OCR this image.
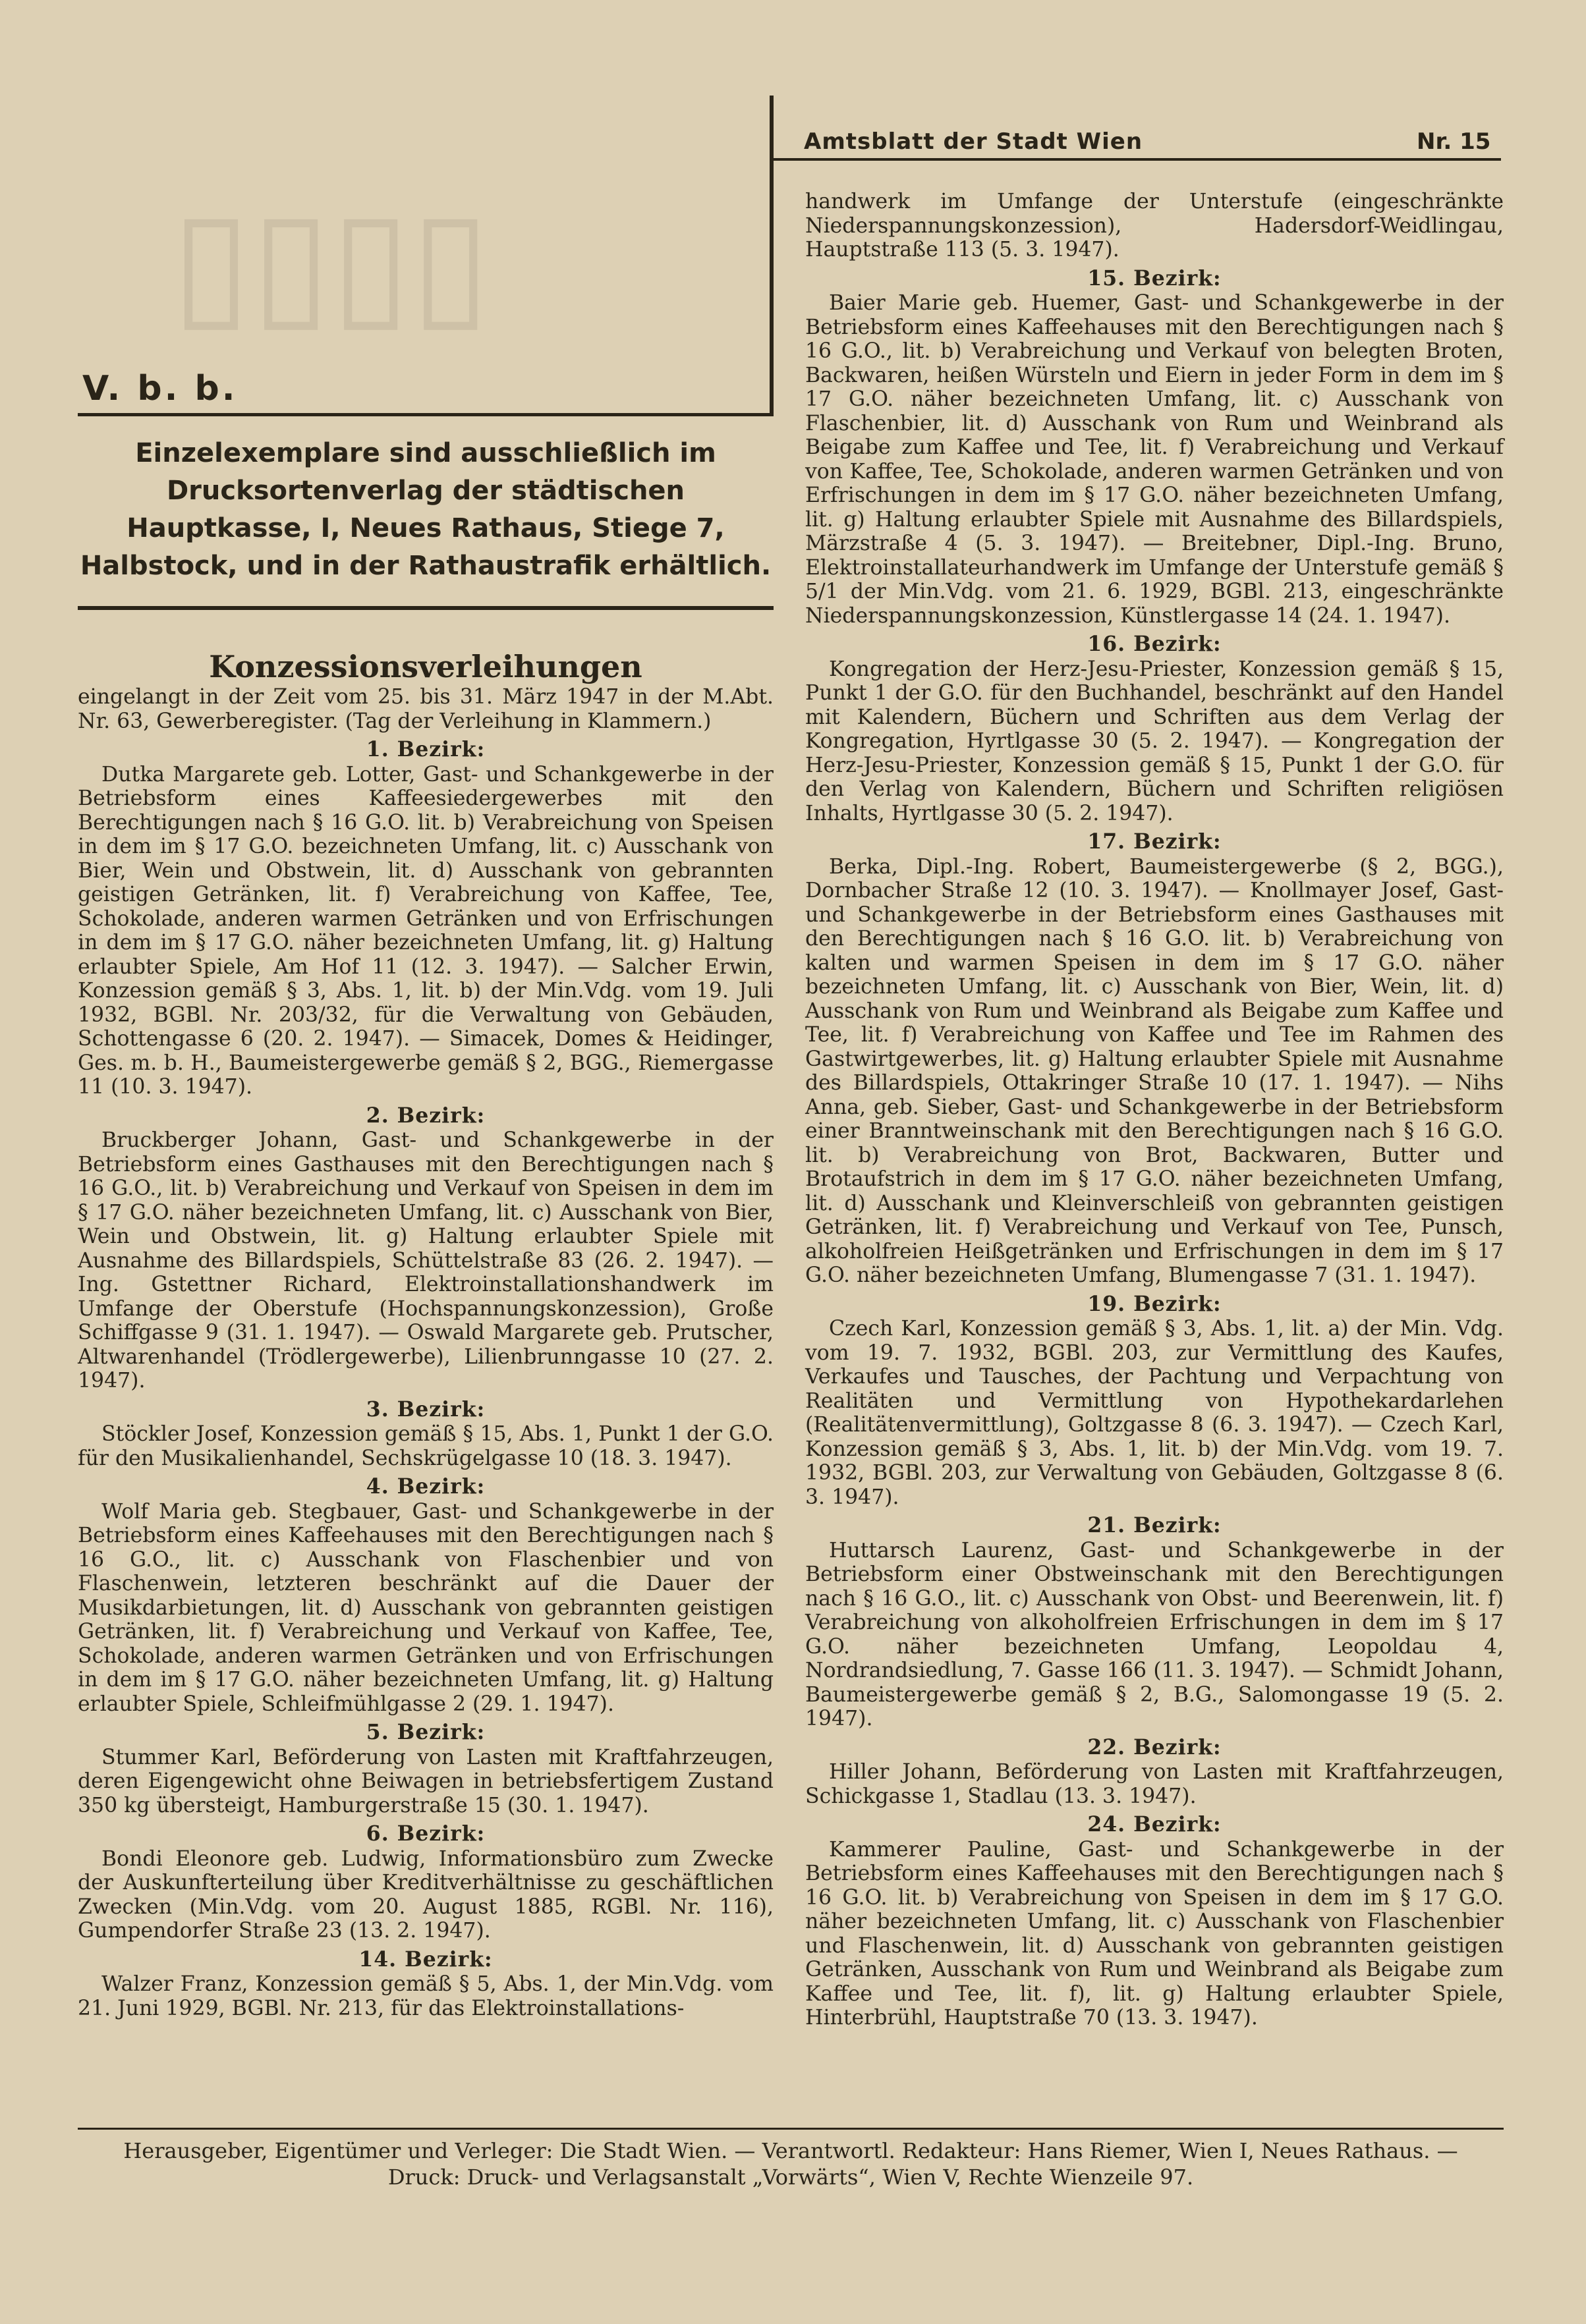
Amtsblatt der Stadt Wien	Nr. 15
▯▯▯▯
V. b. b.
Einzelexemplare sind ausschließlich im Drucksortenverlag der städtischen Hauptkasse, I, Neues Rathaus, Stiege 7, Halbstock, und in der Rathaustrafik erhältlich.
Konzessionsverleihungen

eingelangt in der Zeit vom 25. bis 31. März 1947 in der M.Abt. Nr. 63, Gewerberegister. (Tag der Verleihung in Klammern.)

1. Bezirk:

Dutka Margarete geb. Lotter, Gast- und Schankgewerbe in der Betriebsform eines Kaffeesiedergewerbes mit den Berechtigungen nach § 16 G.O. lit. b) Verabreichung von Speisen in dem im § 17 G.O. bezeichneten Umfang, lit. c) Ausschank von Bier, Wein und Obstwein, lit. d) Ausschank von gebrannten geistigen Getränken, lit. f) Verabreichung von Kaffee, Tee, Schokolade, anderen warmen Getränken und von Erfrischungen in dem im § 17 G.O. näher bezeichneten Umfang, lit. g) Haltung erlaubter Spiele, Am Hof 11 (12. 3. 1947). — Salcher Erwin, Konzession gemäß § 3, Abs. 1, lit. b) der Min.Vdg. vom 19. Juli 1932, BGBl. Nr. 203/32, für die Verwaltung von Gebäuden, Schottengasse 6 (20. 2. 1947). — Simacek, Domes & Heidinger, Ges. m. b. H., Baumeistergewerbe gemäß § 2, BGG., Riemergasse 11 (10. 3. 1947).

2. Bezirk:

Bruckberger Johann, Gast- und Schankgewerbe in der Betriebsform eines Gasthauses mit den Berechtigungen nach § 16 G.O., lit. b) Verabreichung und Verkauf von Speisen in dem im § 17 G.O. näher bezeichneten Umfang, lit. c) Ausschank von Bier, Wein und Obstwein, lit. g) Haltung erlaubter Spiele mit Ausnahme des Billardspiels, Schüttelstraße 83 (26. 2. 1947). — Ing. Gstettner Richard, Elektroinstallationshandwerk im Umfange der Oberstufe (Hochspannungskonzession), Große Schiffgasse 9 (31. 1. 1947). — Oswald Margarete geb. Prutscher, Altwarenhandel (Trödlergewerbe), Lilienbrunngasse 10 (27. 2. 1947).

3. Bezirk:

Stöckler Josef, Konzession gemäß § 15, Abs. 1, Punkt 1 der G.O. für den Musikalienhandel, Sechskrügelgasse 10 (18. 3. 1947).

4. Bezirk:

Wolf Maria geb. Stegbauer, Gast- und Schankgewerbe in der Betriebsform eines Kaffeehauses mit den Berechtigungen nach § 16 G.O., lit. c) Ausschank von Flaschenbier und von Flaschenwein, letzteren beschränkt auf die Dauer der Musikdarbietungen, lit. d) Ausschank von gebrannten geistigen Getränken, lit. f) Verabreichung und Verkauf von Kaffee, Tee, Schokolade, anderen warmen Getränken und von Erfrischungen in dem im § 17 G.O. näher bezeichneten Umfang, lit. g) Haltung erlaubter Spiele, Schleifmühlgasse 2 (29. 1. 1947).

5. Bezirk:

Stummer Karl, Beförderung von Lasten mit Kraftfahrzeugen, deren Eigengewicht ohne Beiwagen in betriebsfertigem Zustand 350 kg übersteigt, Hamburgerstraße 15 (30. 1. 1947).

6. Bezirk:

Bondi Eleonore geb. Ludwig, Informationsbüro zum Zwecke der Auskunfterteilung über Kreditverhältnisse zu geschäftlichen Zwecken (Min.Vdg. vom 20. August 1885, RGBl. Nr. 116), Gumpendorfer Straße 23 (13. 2. 1947).

14. Bezirk:

Walzer Franz, Konzession gemäß § 5, Abs. 1, der Min.Vdg. vom 21. Juni 1929, BGBl. Nr. 213, für das Elektroinstallations-

handwerk im Umfange der Unterstufe (eingeschränkte Niederspannungskonzession), Hadersdorf-Weidlingau, Hauptstraße 113 (5. 3. 1947).

15. Bezirk:

Baier Marie geb. Huemer, Gast- und Schankgewerbe in der Betriebsform eines Kaffeehauses mit den Berechtigungen nach § 16 G.O., lit. b) Verabreichung und Verkauf von belegten Broten, Backwaren, heißen Würsteln und Eiern in jeder Form in dem im § 17 G.O. näher bezeichneten Umfang, lit. c) Ausschank von Flaschenbier, lit. d) Ausschank von Rum und Weinbrand als Beigabe zum Kaffee und Tee, lit. f) Verabreichung und Verkauf von Kaffee, Tee, Schokolade, anderen warmen Getränken und von Erfrischungen in dem im § 17 G.O. näher bezeichneten Umfang, lit. g) Haltung erlaubter Spiele mit Ausnahme des Billardspiels, Märzstraße 4 (5. 3. 1947). — Breitebner, Dipl.-Ing. Bruno, Elektroinstallateurhandwerk im Umfange der Unterstufe gemäß § 5/1 der Min.Vdg. vom 21. 6. 1929, BGBl. 213, eingeschränkte Niederspannungskonzession, Künstlergasse 14 (24. 1. 1947).

16. Bezirk:

Kongregation der Herz-Jesu-Priester, Konzession gemäß § 15, Punkt 1 der G.O. für den Buchhandel, beschränkt auf den Handel mit Kalendern, Büchern und Schriften aus dem Verlag der Kongregation, Hyrtlgasse 30 (5. 2. 1947). — Kongregation der Herz-Jesu-Priester, Konzession gemäß § 15, Punkt 1 der G.O. für den Verlag von Kalendern, Büchern und Schriften religiösen Inhalts, Hyrtlgasse 30 (5. 2. 1947).

17. Bezirk:

Berka, Dipl.-Ing. Robert, Baumeistergewerbe (§ 2, BGG.), Dornbacher Straße 12 (10. 3. 1947). — Knollmayer Josef, Gast- und Schankgewerbe in der Betriebsform eines Gasthauses mit den Berechtigungen nach § 16 G.O. lit. b) Verabreichung von kalten und warmen Speisen in dem im § 17 G.O. näher bezeichneten Umfang, lit. c) Ausschank von Bier, Wein, lit. d) Ausschank von Rum und Weinbrand als Beigabe zum Kaffee und Tee, lit. f) Verabreichung von Kaffee und Tee im Rahmen des Gastwirtgewerbes, lit. g) Haltung erlaubter Spiele mit Ausnahme des Billardspiels, Ottakringer Straße 10 (17. 1. 1947). — Nihs Anna, geb. Sieber, Gast- und Schankgewerbe in der Betriebsform einer Branntweinschank mit den Berechtigungen nach § 16 G.O. lit. b) Verabreichung von Brot, Backwaren, Butter und Brotaufstrich in dem im § 17 G.O. näher bezeichneten Umfang, lit. d) Ausschank und Kleinverschleiß von gebrannten geistigen Getränken, lit. f) Verabreichung und Verkauf von Tee, Punsch, alkoholfreien Heißgetränken und Erfrischungen in dem im § 17 G.O. näher bezeichneten Umfang, Blumengasse 7 (31. 1. 1947).

19. Bezirk:

Czech Karl, Konzession gemäß § 3, Abs. 1, lit. a) der Min. Vdg. vom 19. 7. 1932, BGBl. 203, zur Vermittlung des Kaufes, Verkaufes und Tausches, der Pachtung und Verpachtung von Realitäten und Vermittlung von Hypothekardarlehen (Realitätenvermittlung), Goltzgasse 8 (6. 3. 1947). — Czech Karl, Konzession gemäß § 3, Abs. 1, lit. b) der Min.Vdg. vom 19. 7. 1932, BGBl. 203, zur Verwaltung von Gebäuden, Goltzgasse 8 (6. 3. 1947).

21. Bezirk:

Huttarsch Laurenz, Gast- und Schankgewerbe in der Betriebsform einer Obstweinschank mit den Berechtigungen nach § 16 G.O., lit. c) Ausschank von Obst- und Beerenwein, lit. f) Verabreichung von alkoholfreien Erfrischungen in dem im § 17 G.O. näher bezeichneten Umfang, Leopoldau 4, Nordrandsiedlung, 7. Gasse 166 (11. 3. 1947). — Schmidt Johann, Baumeistergewerbe gemäß § 2, B.G., Salomongasse 19 (5. 2. 1947).

22. Bezirk:

Hiller Johann, Beförderung von Lasten mit Kraftfahrzeugen, Schickgasse 1, Stadlau (13. 3. 1947).

24. Bezirk:

Kammerer Pauline, Gast- und Schankgewerbe in der Betriebsform eines Kaffeehauses mit den Berechtigungen nach § 16 G.O. lit. b) Verabreichung von Speisen in dem im § 17 G.O. näher bezeichneten Umfang, lit. c) Ausschank von Flaschenbier und Flaschenwein, lit. d) Ausschank von gebrannten geistigen Getränken, Ausschank von Rum und Weinbrand als Beigabe zum Kaffee und Tee, lit. f), lit. g) Haltung erlaubter Spiele, Hinterbrühl, Hauptstraße 70 (13. 3. 1947).

Herausgeber, Eigentümer und Verleger: Die Stadt Wien. — Verantwortl. Redakteur: Hans Riemer, Wien I, Neues Rathaus. —
Druck: Druck- und Verlagsanstalt „Vorwärts“, Wien V, Rechte Wienzeile 97.
